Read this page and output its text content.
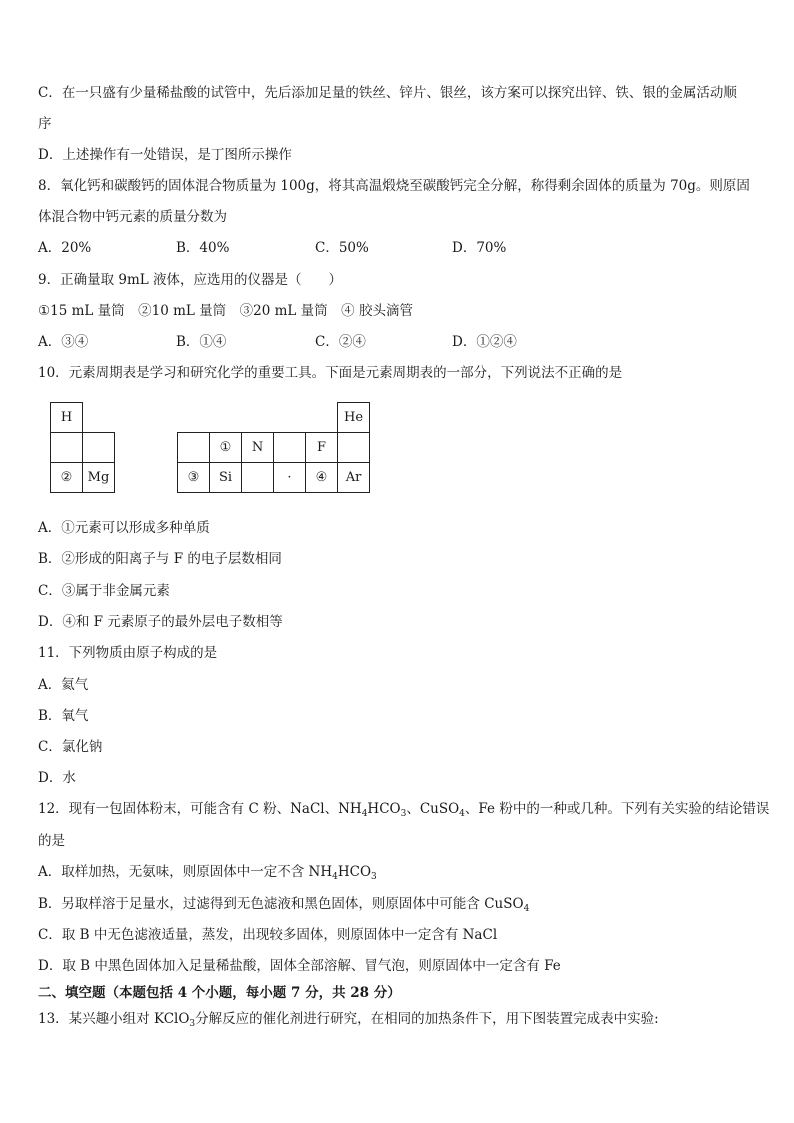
C．在一只盛有少量稀盐酸的试管中，先后添加足量的铁丝、锌片、银丝，该方案可以探究出锌、铁、银的金属活动顺
序
D．上述操作有一处错误，是丁图所示操作
8．氧化钙和碳酸钙的固体混合物质量为 100g，将其高温煅烧至碳酸钙完全分解，称得剩余固体的质量为 70g。则原固
体混合物中钙元素的质量分数为
A．20%	B．40%	C．50%	D．70%
9．正确量取 9mL 液体，应选用的仪器是（　　）
①15 mL 量筒　②10 mL 量筒　③20 mL 量筒　④ 胶头滴管
A．③④	B．①④	C．②④	D．①②④
10．元素周期表是学习和研究化学的重要工具。下面是元素周期表的一部分，下列说法不正确的是
H									He
					①	N		F	
②	Mg			③	Si		·	④	Ar
A．①元素可以形成多种单质
B．②形成的阳离子与 F 的电子层数相同
C．③属于非金属元素
D．④和 F 元素原子的最外层电子数相等
11．下列物质由原子构成的是
A．氦气
B．氧气
C．氯化钠
D．水
12．现有一包固体粉末，可能含有 C 粉、NaCl、$NH_4HCO_3$、CuSO$_4$、Fe 粉中的一种或几种。下列有关实验的结论错误
的是
A．取样加热，无氨味，则原固体中一定不含 $NH_4HCO_3$
B．另取样溶于足量水，过滤得到无色滤液和黑色固体，则原固体中可能含 CuSO$_4$
C．取 B 中无色滤液适量，蒸发，出现较多固体，则原固体中一定含有 NaCl
D．取 B 中黑色固体加入足量稀盐酸，固体全部溶解、冒气泡，则原固体中一定含有 Fe
二、填空题（本题包括 4 个小题，每小题 7 分，共 28 分）
13．某兴趣小组对 KClO$_3$分解反应的催化剂进行研究，在相同的加热条件下，用下图装置完成表中实验:
